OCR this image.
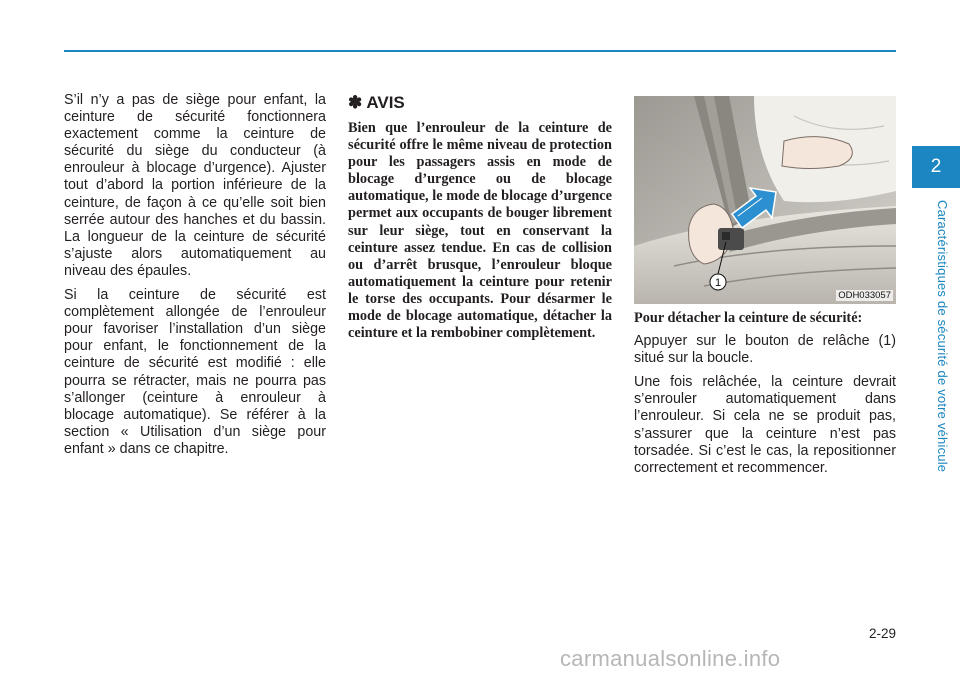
S’il n’y a pas de siège pour enfant, la ceinture de sécurité fonctionnera exactement comme la ceinture de sécurité du siège du conducteur (à enrouleur à blocage d’urgence). Ajuster tout d’abord la portion inférieure de la ceinture, de façon à ce qu’elle soit bien serrée autour des hanches et du bassin. La longueur de la ceinture de sécurité s’ajuste alors automatiquement au niveau des épaules.

Si la ceinture de sécurité est complètement allongée de l’enrouleur pour favoriser l’installation d’un siège pour enfant, le fonctionnement de la ceinture de sécurité est modifié : elle pourra se rétracter, mais ne pourra pas s’allonger (ceinture à enrouleur à blocage automatique). Se référer à la section « Utilisation d’un siège pour enfant » dans ce chapitre.

✽ AVIS

Bien que l’enrouleur de la ceinture de sécurité offre le même niveau de protection pour les passagers assis en mode de blocage d’urgence ou de blocage automatique, le mode de blocage d’urgence permet aux occupants de bouger librement sur leur siège, tout en conservant la ceinture assez tendue. En cas de collision ou d’arrêt brusque, l’enrouleur bloque automatiquement la ceinture pour retenir le torse des occupants. Pour désarmer le mode de blocage automatique, détacher la ceinture et la rembobiner complètement.

1
ODH033057
Pour détacher la ceinture de sécurité:

Appuyer sur le bouton de relâche (1) situé sur la boucle.

Une fois relâchée, la ceinture devrait s’enrouler automatiquement dans l’enrouleur. Si cela ne se produit pas, s’assurer que la ceinture n’est pas torsadée. Si c’est le cas, la repositionner correctement et recommencer.

2
Caractéristiques de sécurité de votre véhicule
2-29
carmanualsonline.info
